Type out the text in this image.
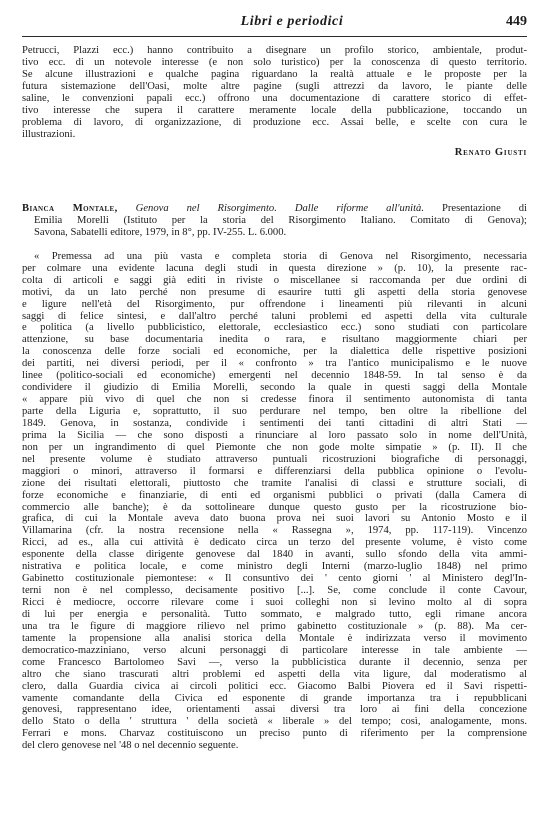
Libri e periodici	449
Petrucci, Plazzi ecc.) hanno contribuito a disegnare un profilo storico, ambientale, produt-
tivo ecc. di un notevole interesse (e non solo turistico) per la conoscenza di questo territorio.
Se alcune illustrazioni e qualche pagina riguardano la realtà attuale e le proposte per la
futura sistemazione dell'Oasi, molte altre pagine (sugli attrezzi da lavoro, le piante delle
saline, le convenzioni papali ecc.) offrono una documentazione di carattere storico di effet-
tivo interesse che supera il carattere meramente locale della pubblicazione, toccando un
problema di lavoro, di organizzazione, di produzione ecc. Assai belle, e scelte con cura le
illustrazioni.
Renato Giusti
Bianca Montale, Genova nel Risorgimento. Dalle riforme all'unità. Presentazione di
Emilia Morelli (Istituto per la storia del Risorgimento Italiano. Comitato di Genova);
Savona, Sabatelli editore, 1979, in 8°, pp. IV-255. L. 6.000.
« Premessa ad una più vasta e completa storia di Genova nel Risorgimento, necessaria
per colmare una evidente lacuna degli studi in questa direzione » (p. 10), la presente rac-
colta di articoli e saggi già editi in riviste o miscellanee si raccomanda per due ordini di
motivi, da un lato perché non presume di esaurire tutti gli aspetti della storia genovese
e ligure nell'età del Risorgimento, pur offrendone i lineamenti più rilevanti in alcuni
saggi di felice sintesi, e dall'altro perché taluni problemi ed aspetti della vita culturale
e politica (a livello pubblicistico, elettorale, ecclesiastico ecc.) sono studiati con particolare
attenzione, su base documentaria inedita o rara, e risultano maggiormente chiari per
la conoscenza delle forze sociali ed economiche, per la dialettica delle rispettive posizioni
dei partiti, nei diversi periodi, per il « confronto » tra l'antico municipalismo e le nuove
linee (politico-sociali ed economiche) emergenti nel decennio 1848-59. In tal senso è da
condividere il giudizio di Emilia Morelli, secondo la quale in questi saggi della Montale
« appare più vivo di quel che non si credesse finora il sentimento autonomista di tanta
parte della Liguria e, soprattutto, il suo perdurare nel tempo, ben oltre la ribellione del
1849. Genova, in sostanza, condivide i sentimenti dei tanti cittadini di altri Stati —
prima la Sicilia — che sono disposti a rinunciare al loro passato solo in nome dell'Unità,
non per un ingrandimento di quel Piemonte che non gode molte simpatie » (p. II). Il che
nel presente volume è studiato attraverso puntuali ricostruzioni biografiche di personaggi,
maggiori o minori, attraverso il formarsi e differenziarsi della pubblica opinione o l'evolu-
zione dei risultati elettorali, piuttosto che tramite l'analisi di classi e strutture sociali, di
forze economiche e finanziarie, di enti ed organismi pubblici o privati (dalla Camera di
commercio alle banche); è da sottolineare dunque questo gusto per la ricostruzione bio-
grafica, di cui la Montale aveva dato buona prova nei suoi lavori su Antonio Mosto e il
Villamarina (cfr. la nostra recensione nella « Rassegna », 1974, pp. 117-119). Vincenzo
Ricci, ad es., alla cui attività è dedicato circa un terzo del presente volume, è visto come
esponente della classe dirigente genovese dal 1840 in avanti, sullo sfondo della vita ammi-
nistrativa e politica locale, e come ministro degli Interni (marzo-luglio 1848) nel primo
Gabinetto costituzionale piemontese: « Il consuntivo dei ' cento giorni ' al Ministero degl'In-
terni non è nel complesso, decisamente positivo [...]. Se, come conclude il conte Cavour,
Ricci è mediocre, occorre rilevare come i suoi colleghi non si levino molto al di sopra
di lui per energia e personalità. Tutto sommato, e malgrado tutto, egli rimane ancora
una tra le figure di maggiore rilievo nel primo gabinetto costituzionale » (p. 88). Ma cer-
tamente la propensione alla analisi storica della Montale è indirizzata verso il movimento
democratico-mazziniano, verso alcuni personaggi di particolare interesse in tale ambiente —
come Francesco Bartolomeo Savi —, verso la pubblicistica durante il decennio, senza per
altro che siano trascurati altri problemi ed aspetti della vita ligure, dal moderatismo al
clero, dalla Guardia civica ai circoli politici ecc. Giacomo Balbi Piovera ed il Savi rispetti-
vamente comandante della Civica ed esponente di grande importanza tra i repubblicani
genovesi, rappresentano idee, orientamenti assai diversi tra loro ai fini della concezione
dello Stato o della ' struttura ' della società « liberale » del tempo; così, analogamente, mons.
Ferrari e mons. Charvaz costituiscono un preciso punto di riferimento per la comprensione
del clero genovese nel '48 o nel decennio seguente.
